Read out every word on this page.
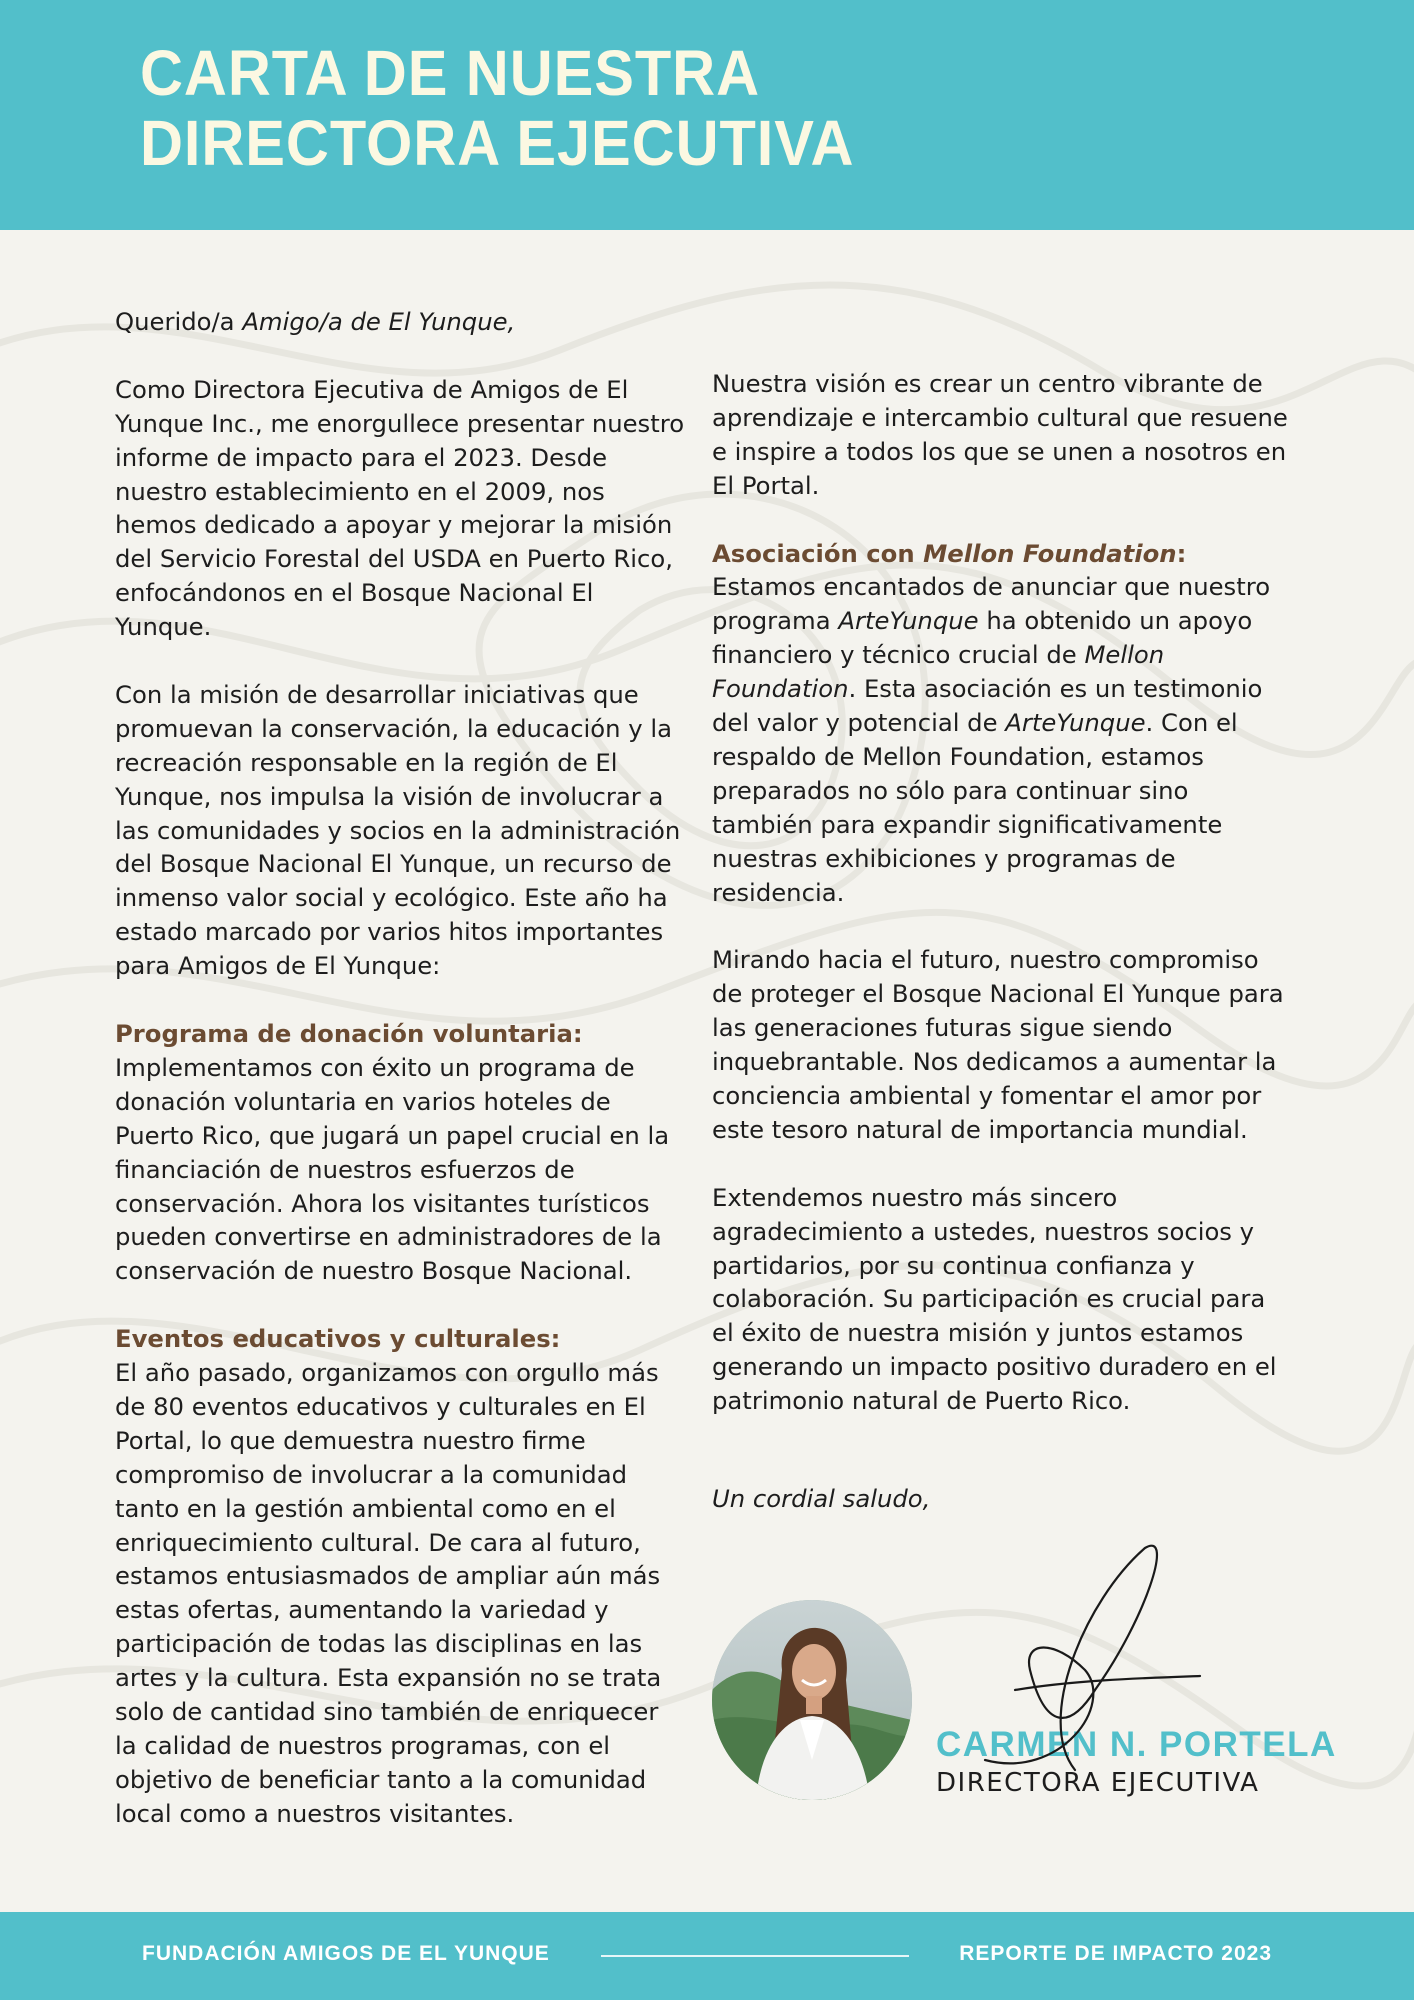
CARTA DE NUESTRA
DIRECTORA EJECUTIVA

Querido/a Amigo/a de El Yunque,

Como Directora Ejecutiva de Amigos de El Yunque Inc., me enorgullece presentar nuestro informe de impacto para el 2023. Desde nuestro establecimiento en el 2009, nos hemos dedicado a apoyar y mejorar la misión del Servicio Forestal del USDA en Puerto Rico, enfocándonos en el Bosque Nacional El Yunque.

Con la misión de desarrollar iniciativas que promuevan la conservación, la educación y la recreación responsable en la región de El Yunque, nos impulsa la visión de involucrar a las comunidades y socios en la administración del Bosque Nacional El Yunque, un recurso de inmenso valor social y ecológico. Este año ha estado marcado por varios hitos importantes para Amigos de El Yunque:

Programa de donación voluntaria:
Implementamos con éxito un programa de donación voluntaria en varios hoteles de Puerto Rico, que jugará un papel crucial en la financiación de nuestros esfuerzos de conservación. Ahora los visitantes turísticos pueden convertirse en administradores de la conservación de nuestro Bosque Nacional.

Eventos educativos y culturales:
El año pasado, organizamos con orgullo más de 80 eventos educativos y culturales en El Portal, lo que demuestra nuestro firme compromiso de involucrar a la comunidad tanto en la gestión ambiental como en el enriquecimiento cultural. De cara al futuro, estamos entusiasmados de ampliar aún más estas ofertas, aumentando la variedad y participación de todas las disciplinas en las artes y la cultura. Esta expansión no se trata solo de cantidad sino también de enriquecer la calidad de nuestros programas, con el objetivo de beneficiar tanto a la comunidad local como a nuestros visitantes.

Nuestra visión es crear un centro vibrante de aprendizaje e intercambio cultural que resuene e inspire a todos los que se unen a nosotros en El Portal.

Asociación con Mellon Foundation:
Estamos encantados de anunciar que nuestro programa ArteYunque ha obtenido un apoyo financiero y técnico crucial de Mellon Foundation. Esta asociación es un testimonio del valor y potencial de ArteYunque. Con el respaldo de Mellon Foundation, estamos preparados no sólo para continuar sino también para expandir significativamente nuestras exhibiciones y programas de residencia.

Mirando hacia el futuro, nuestro compromiso de proteger el Bosque Nacional El Yunque para las generaciones futuras sigue siendo inquebrantable. Nos dedicamos a aumentar la conciencia ambiental y fomentar el amor por este tesoro natural de importancia mundial.

Extendemos nuestro más sincero agradecimiento a ustedes, nuestros socios y partidarios, por su continua confianza y colaboración. Su participación es crucial para el éxito de nuestra misión y juntos estamos generando un impacto positivo duradero en el patrimonio natural de Puerto Rico.

Un cordial saludo,
CARMEN N. PORTELA
DIRECTORA EJECUTIVA
FUNDACIÓN AMIGOS DE EL YUNQUE	REPORTE DE IMPACTO 2023
